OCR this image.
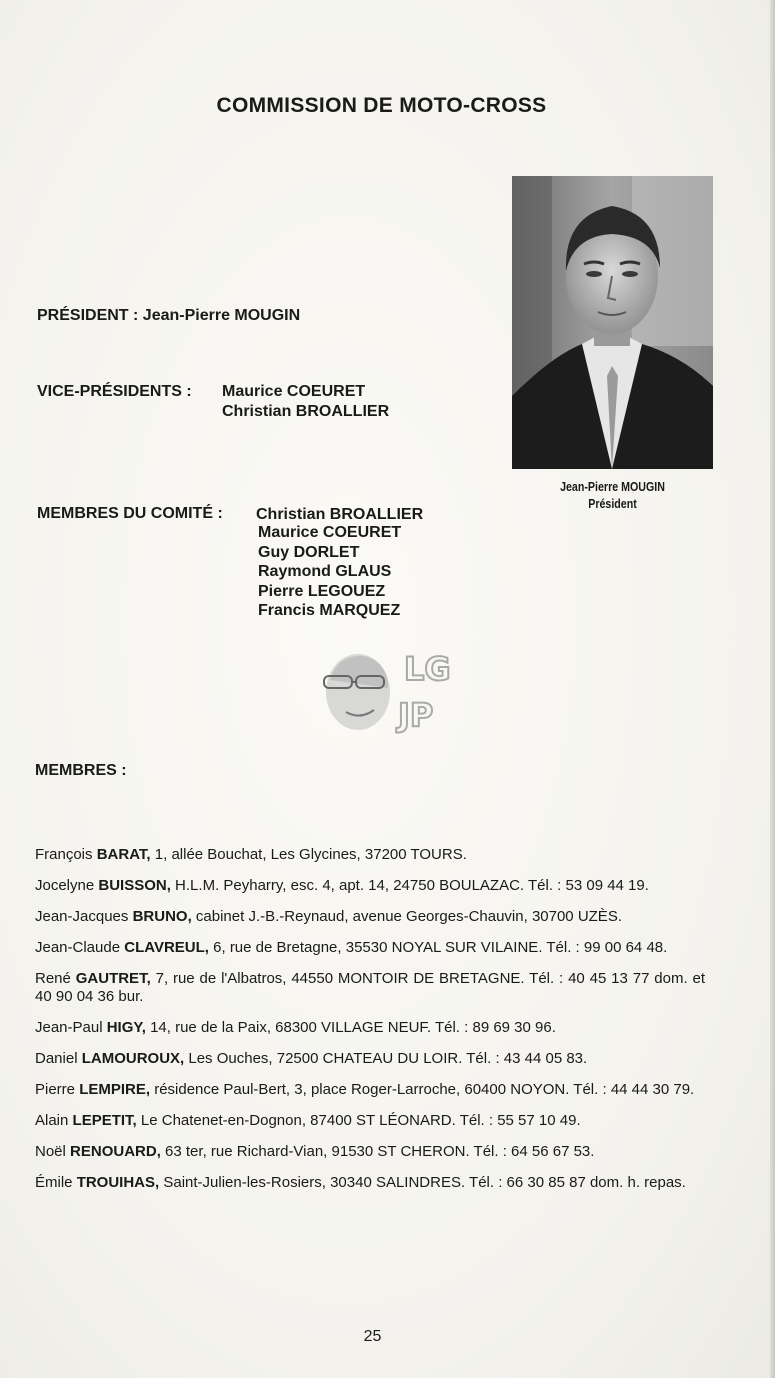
COMMISSION DE MOTO-CROSS
Jean-Pierre MOUGIN
Président
PRÉSIDENT : Jean-Pierre MOUGIN
VICE-PRÉSIDENTS : Maurice COEURET
Christian BROALLIER
MEMBRES DU COMITÉ : Christian BROALLIER
Maurice COEURET
Guy DORLET
Raymond GLAUS
Pierre LEGOUEZ
Francis MARQUEZ
LG
JP
MEMBRES :
François BARAT, 1, allée Bouchat, Les Glycines, 37200 TOURS.
Jocelyne BUISSON, H.L.M. Peyharry, esc. 4, apt. 14, 24750 BOULAZAC. Tél. : 53 09 44 19.
Jean-Jacques BRUNO, cabinet J.-B.-Reynaud, avenue Georges-Chauvin, 30700 UZÈS.
Jean-Claude CLAVREUL, 6, rue de Bretagne, 35530 NOYAL SUR VILAINE. Tél. : 99 00 64 48.
René GAUTRET, 7, rue de l'Albatros, 44550 MONTOIR DE BRETAGNE. Tél. : 40 45 13 77 dom. et 40 90 04 36 bur.
Jean-Paul HIGY, 14, rue de la Paix, 68300 VILLAGE NEUF. Tél. : 89 69 30 96.
Daniel LAMOUROUX, Les Ouches, 72500 CHATEAU DU LOIR. Tél. : 43 44 05 83.
Pierre LEMPIRE, résidence Paul-Bert, 3, place Roger-Larroche, 60400 NOYON. Tél. : 44 44 30 79.
Alain LEPETIT, Le Chatenet-en-Dognon, 87400 ST LÉONARD. Tél. : 55 57 10 49.
Noël RENOUARD, 63 ter, rue Richard-Vian, 91530 ST CHERON. Tél. : 64 56 67 53.
Émile TROUIHAS, Saint-Julien-les-Rosiers, 30340 SALINDRES. Tél. : 66 30 85 87 dom. h. repas.
25
